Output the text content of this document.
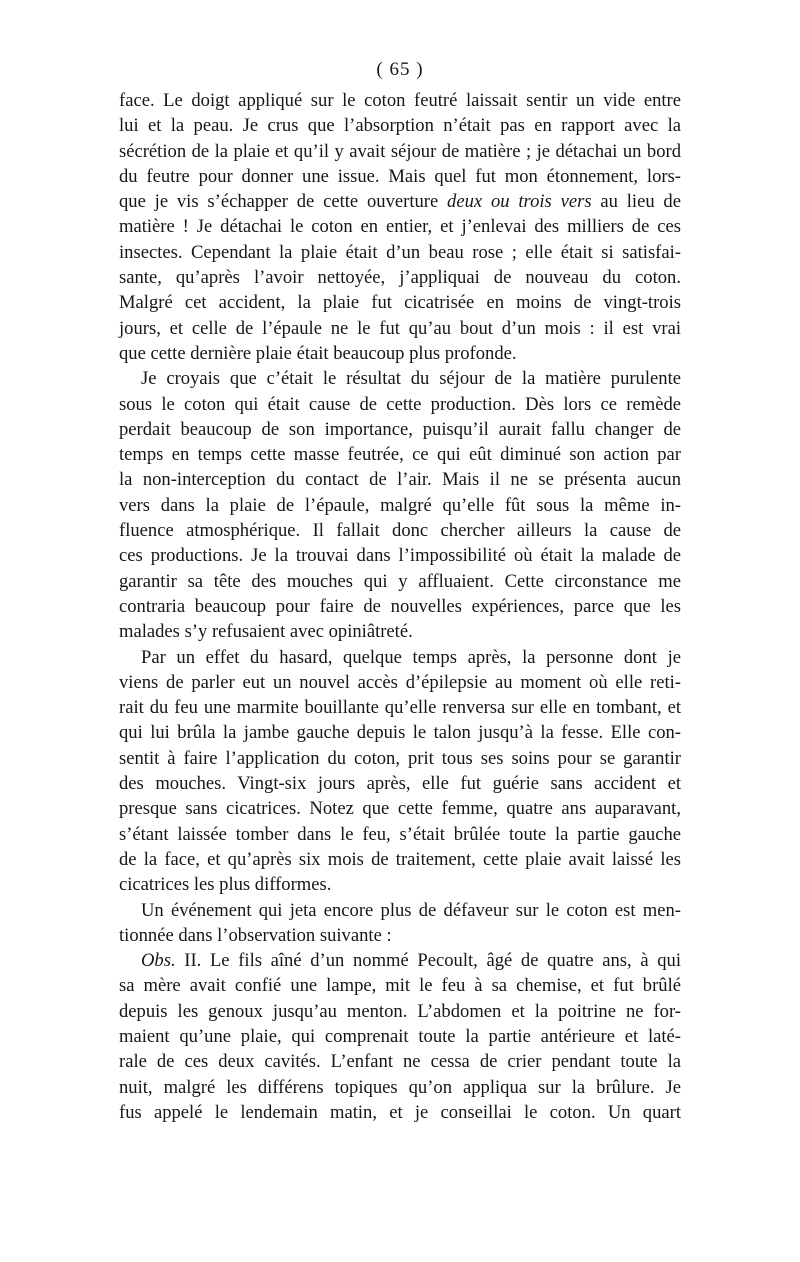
( 65 )
face. Le doigt appliqué sur le coton feutré laissait sentir un vide entre
lui et la peau. Je crus que l’absorption n’était pas en rapport avec la
sécrétion de la plaie et qu’il y avait séjour de matière ; je détachai un bord
du feutre pour donner une issue. Mais quel fut mon étonnement, lors-
que je vis s’échapper de cette ouverture deux ou trois vers au lieu de
matière ! Je détachai le coton en entier, et j’enlevai des milliers de ces
insectes. Cependant la plaie était d’un beau rose ; elle était si satisfai-
sante, qu’après l’avoir nettoyée, j’appliquai de nouveau du coton.
Malgré cet accident, la plaie fut cicatrisée en moins de vingt-trois
jours, et celle de l’épaule ne le fut qu’au bout d’un mois : il est vrai
que cette dernière plaie était beaucoup plus profonde.
Je croyais que c’était le résultat du séjour de la matière purulente
sous le coton qui était cause de cette production. Dès lors ce remède
perdait beaucoup de son importance, puisqu’il aurait fallu changer de
temps en temps cette masse feutrée, ce qui eût diminué son action par
la non-interception du contact de l’air. Mais il ne se présenta aucun
vers dans la plaie de l’épaule, malgré qu’elle fût sous la même in-
fluence atmosphérique. Il fallait donc chercher ailleurs la cause de
ces productions. Je la trouvai dans l’impossibilité où était la malade de
garantir sa tête des mouches qui y affluaient. Cette circonstance me
contraria beaucoup pour faire de nouvelles expériences, parce que les
malades s’y refusaient avec opiniâtreté.
Par un effet du hasard, quelque temps après, la personne dont je
viens de parler eut un nouvel accès d’épilepsie au moment où elle reti-
rait du feu une marmite bouillante qu’elle renversa sur elle en tombant, et
qui lui brûla la jambe gauche depuis le talon jusqu’à la fesse. Elle con-
sentit à faire l’application du coton, prit tous ses soins pour se garantir
des mouches. Vingt-six jours après, elle fut guérie sans accident et
presque sans cicatrices. Notez que cette femme, quatre ans auparavant,
s’étant laissée tomber dans le feu, s’était brûlée toute la partie gauche
de la face, et qu’après six mois de traitement, cette plaie avait laissé les
cicatrices les plus difformes.
Un événement qui jeta encore plus de défaveur sur le coton est men-
tionnée dans l’observation suivante :
Obs. II. Le fils aîné d’un nommé Pecoult, âgé de quatre ans, à qui
sa mère avait confié une lampe, mit le feu à sa chemise, et fut brûlé
depuis les genoux jusqu’au menton. L’abdomen et la poitrine ne for-
maient qu’une plaie, qui comprenait toute la partie antérieure et laté-
rale de ces deux cavités. L’enfant ne cessa de crier pendant toute la
nuit, malgré les différens topiques qu’on appliqua sur la brûlure. Je
fus appelé le lendemain matin, et je conseillai le coton. Un quart
